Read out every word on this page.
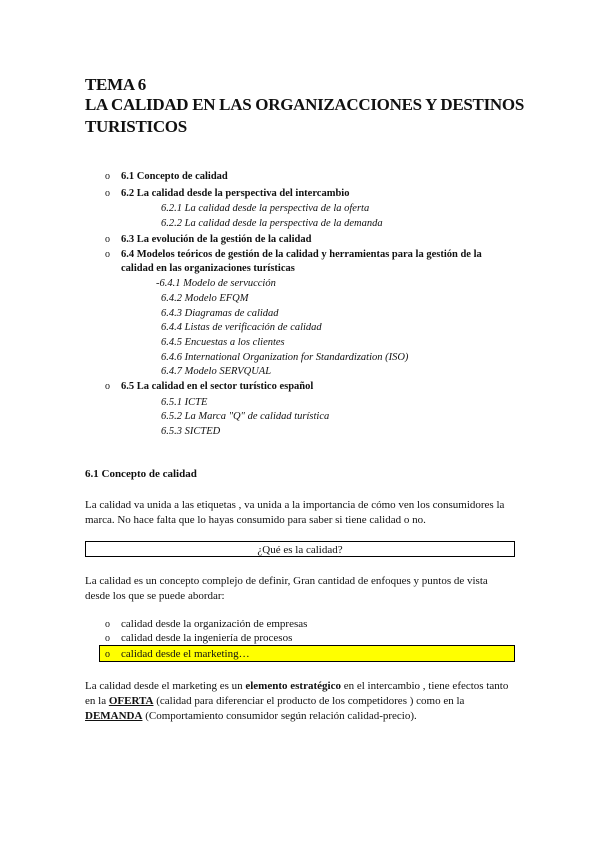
TEMA 6
LA CALIDAD EN LAS ORGANIZACCIONES Y DESTINOS
TURISTICOS
o 6.1 Concepto de calidad
o 6.2 La calidad desde la perspectiva del intercambio
6.2.1 La calidad desde la perspectiva de la oferta
6.2.2 La calidad desde la perspectiva de la demanda
o 6.3 La evolución de la gestión de la calidad
o 6.4 Modelos teóricos de gestión de la calidad y herramientas para la gestión de la
calidad en las organizaciones turísticas
-6.4.1 Modelo de servucción
6.4.2 Modelo EFQM
6.4.3 Diagramas de calidad
6.4.4 Listas de verificación de calidad
6.4.5 Encuestas a los clientes
6.4.6 International Organization for Standardization (ISO)
6.4.7 Modelo SERVQUAL
o 6.5 La calidad en el sector turístico español
6.5.1 ICTE
6.5.2 La Marca "Q" de calidad turística
6.5.3 SICTED
6.1 Concepto de calidad
La calidad va unida a las etiquetas , va unida a la importancia de cómo ven los consumidores la marca. No hace falta que lo hayas consumido para saber si tiene calidad o no.
¿Qué es la calidad?
La calidad es un concepto complejo de definir, Gran cantidad de enfoques y puntos de vista desde los que se puede abordar:
o calidad desde la organización de empresas
o calidad desde la ingeniería de procesos
o calidad desde el marketing…
La calidad desde el marketing es un elemento estratégico en el intercambio , tiene efectos tanto en la OFERTA (calidad para diferenciar el producto de los competidores ) como en la DEMANDA (Comportamiento consumidor según relación calidad-precio).
